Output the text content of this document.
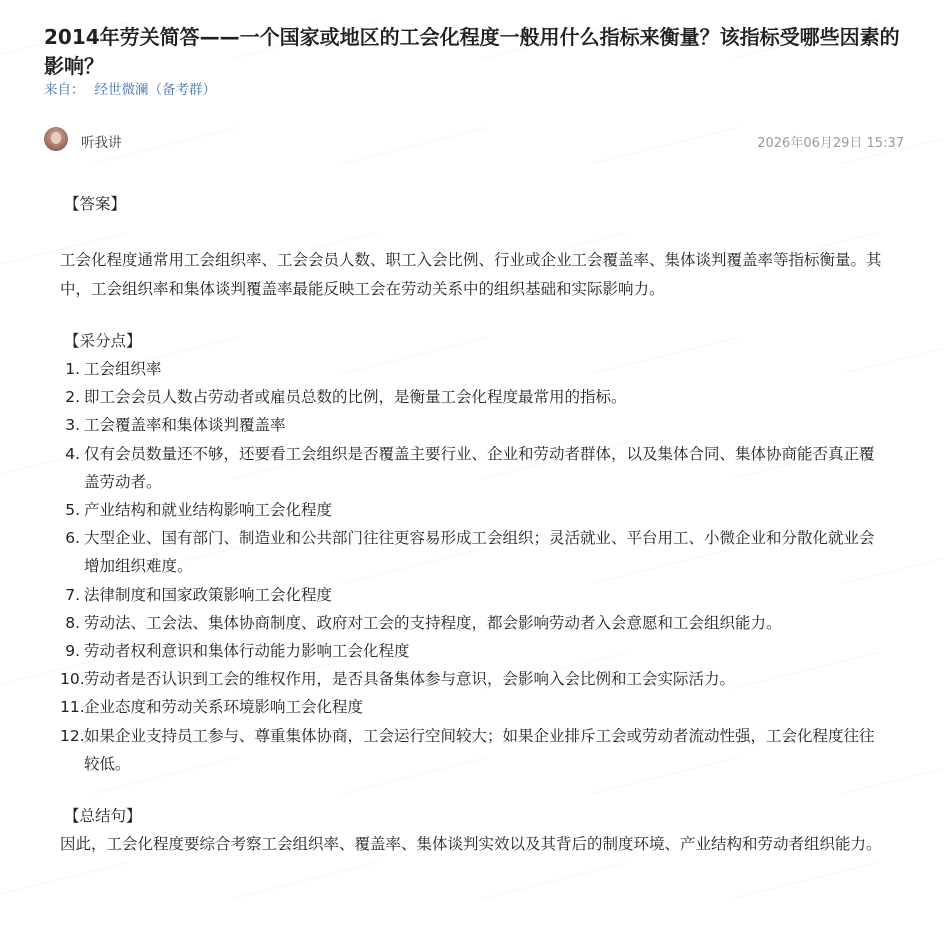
2014年劳关简答——一个国家或地区的工会化程度一般用什么指标来衡量？该指标受哪些因素的影响？
来自： 经世微澜（备考群）
听我讲	2026年06月29日 15:37
【答案】
工会化程度通常用工会组织率、工会会员人数、职工入会比例、行业或企业工会覆盖率、集体谈判覆盖率等指标衡量。其中，工会组织率和集体谈判覆盖率最能反映工会在劳动关系中的组织基础和实际影响力。
【采分点】
1. 工会组织率
2. 即工会会员人数占劳动者或雇员总数的比例，是衡量工会化程度最常用的指标。
3. 工会覆盖率和集体谈判覆盖率
4. 仅有会员数量还不够，还要看工会组织是否覆盖主要行业、企业和劳动者群体，以及集体合同、集体协商能否真正覆盖劳动者。
5. 产业结构和就业结构影响工会化程度
6. 大型企业、国有部门、制造业和公共部门往往更容易形成工会组织；灵活就业、平台用工、小微企业和分散化就业会增加组织难度。
7. 法律制度和国家政策影响工会化程度
8. 劳动法、工会法、集体协商制度、政府对工会的支持程度，都会影响劳动者入会意愿和工会组织能力。
9. 劳动者权利意识和集体行动能力影响工会化程度
10. 劳动者是否认识到工会的维权作用，是否具备集体参与意识，会影响入会比例和工会实际活力。
11. 企业态度和劳动关系环境影响工会化程度
12. 如果企业支持员工参与、尊重集体协商，工会运行空间较大；如果企业排斥工会或劳动者流动性强，工会化程度往往较低。
【总结句】
因此，工会化程度要综合考察工会组织率、覆盖率、集体谈判实效以及其背后的制度环境、产业结构和劳动者组织能力。
